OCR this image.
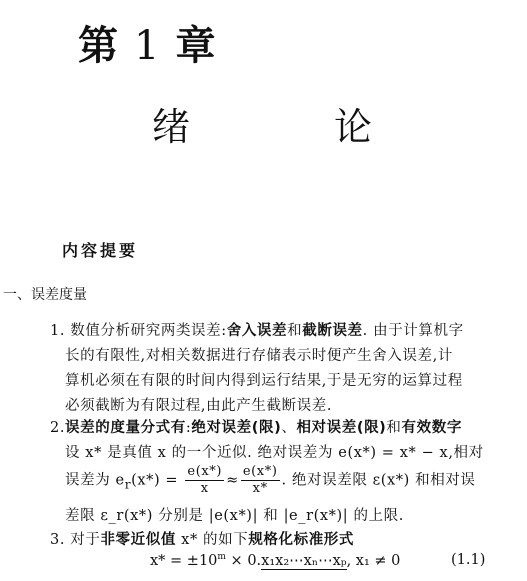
第 1 章
绪	论
内容提要
一、误差度量
1. 数值分析研究两类误差:舍入误差和截断误差. 由于计算机字
长的有限性,对相关数据进行存储表示时便产生舍入误差,计
算机必须在有限的时间内得到运行结果,于是无穷的运算过程
必须截断为有限过程,由此产生截断误差.
2.误差的度量分式有:绝对误差(限)、相对误差(限)和有效数字
设 x* 是真值 x 的一个近似. 绝对误差为 e(x*) = x* − x,相对
误差为 $e_r(x*) = \frac{e(x*)}{x} \approx \frac{e(x*)}{x*}$ . 绝对误差限 ε(x*) 和相对误
差限 ε_r(x*) 分别是 |e(x*)| 和 |e_r(x*)| 的上限.
3. 对于非零近似值 x* 的如下规格化标准形式
$x* = \pm 10^m$ × 0.x₁x₂⋯xₙ⋯xₚ, x₁ ≠ 0	(1.1)
